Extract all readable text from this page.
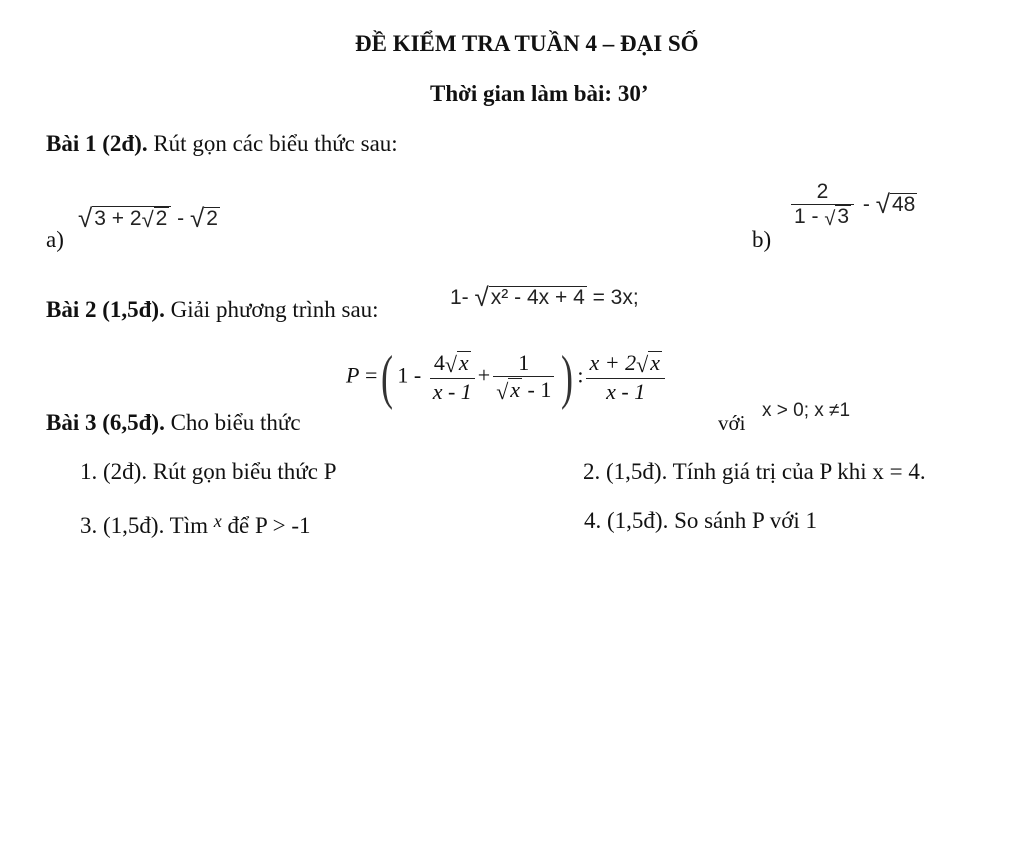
ĐỀ KIỂM TRA TUẦN 4 – ĐẠI SỐ
Thời gian làm bài: 30’
Bài 1 (2đ). Rút gọn các biểu thức sau:
a)
√3 + 2√2 - √2
b)
$\frac{2}{1 - √3} - √48$
Bài 2 (1,5đ). Giải phương trình sau:	1- √x² - 4x + 4 = 3x;
Bài 3 (6,5đ). Cho biểu thức
P =( $1 - \frac{4√x}{x - 1} + \frac{1}{√x - 1}$ ) : $\frac{x + 2√x}{x - 1}$
với
x > 0; x ≠1
1. (2đ). Rút gọn biểu thức P	2. (1,5đ). Tính giá trị của P khi x = 4.
3. (1,5đ). Tìm $^x$ để P > -1	4. (1,5đ). So sánh P với 1
